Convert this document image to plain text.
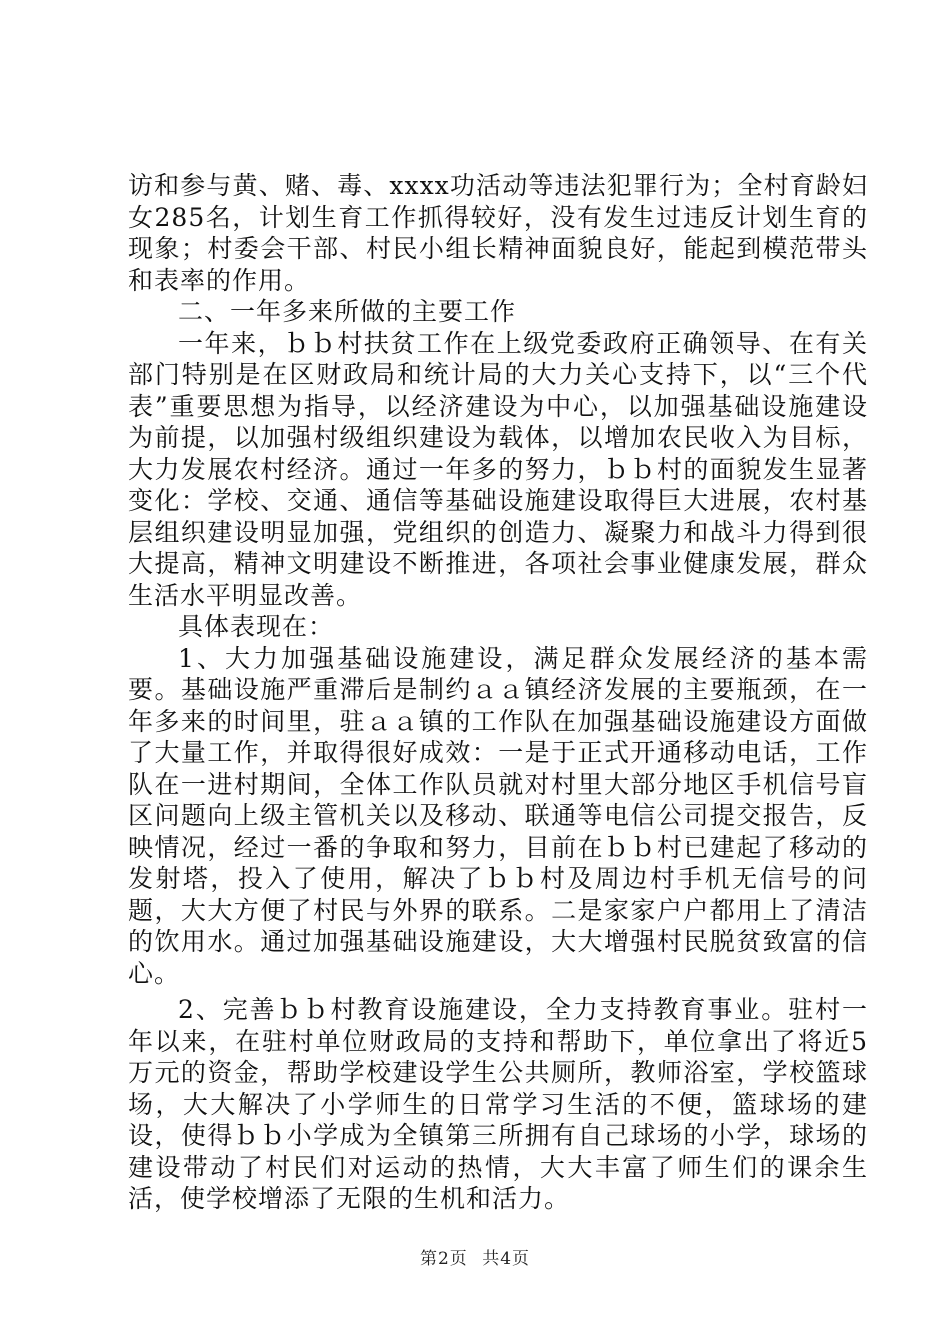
访和参与黄、赌、毒、xxxx功活动等违法犯罪行为；全村育龄妇女285名，计划生育工作抓得较好，没有发生过违反计划生育的现象；村委会干部、村民小组长精神面貌良好，能起到模范带头和表率的作用。

二、一年多来所做的主要工作

一年来，ｂｂ村扶贫工作在上级党委政府正确领导、在有关部门特别是在区财政局和统计局的大力关心支持下，以“三个代表”重要思想为指导，以经济建设为中心，以加强基础设施建设为前提，以加强村级组织建设为载体，以增加农民收入为目标，大力发展农村经济。通过一年多的努力，ｂｂ村的面貌发生显著变化：学校、交通、通信等基础设施建设取得巨大进展，农村基层组织建设明显加强，党组织的创造力、凝聚力和战斗力得到很大提高，精神文明建设不断推进，各项社会事业健康发展，群众生活水平明显改善。

具体表现在：

1、大力加强基础设施建设，满足群众发展经济的基本需要。基础设施严重滞后是制约ａａ镇经济发展的主要瓶颈，在一年多来的时间里，驻ａａ镇的工作队在加强基础设施建设方面做了大量工作，并取得很好成效：一是于正式开通移动电话，工作队在一进村期间，全体工作队员就对村里大部分地区手机信号盲区问题向上级主管机关以及移动、联通等电信公司提交报告，反映情况，经过一番的争取和努力，目前在ｂｂ村已建起了移动的发射塔，投入了使用，解决了ｂｂ村及周边村手机无信号的问题，大大方便了村民与外界的联系。二是家家户户都用上了清洁的饮用水。通过加强基础设施建设，大大增强村民脱贫致富的信心。

2、完善ｂｂ村教育设施建设，全力支持教育事业。驻村一年以来，在驻村单位财政局的支持和帮助下，单位拿出了将近5万元的资金，帮助学校建设学生公共厕所，教师浴室，学校篮球场，大大解决了小学师生的日常学习生活的不便，篮球场的建设，使得ｂｂ小学成为全镇第三所拥有自己球场的小学，球场的建设带动了村民们对运动的热情，大大丰富了师生们的课余生活，使学校增添了无限的生机和活力。

第2页 共4页
